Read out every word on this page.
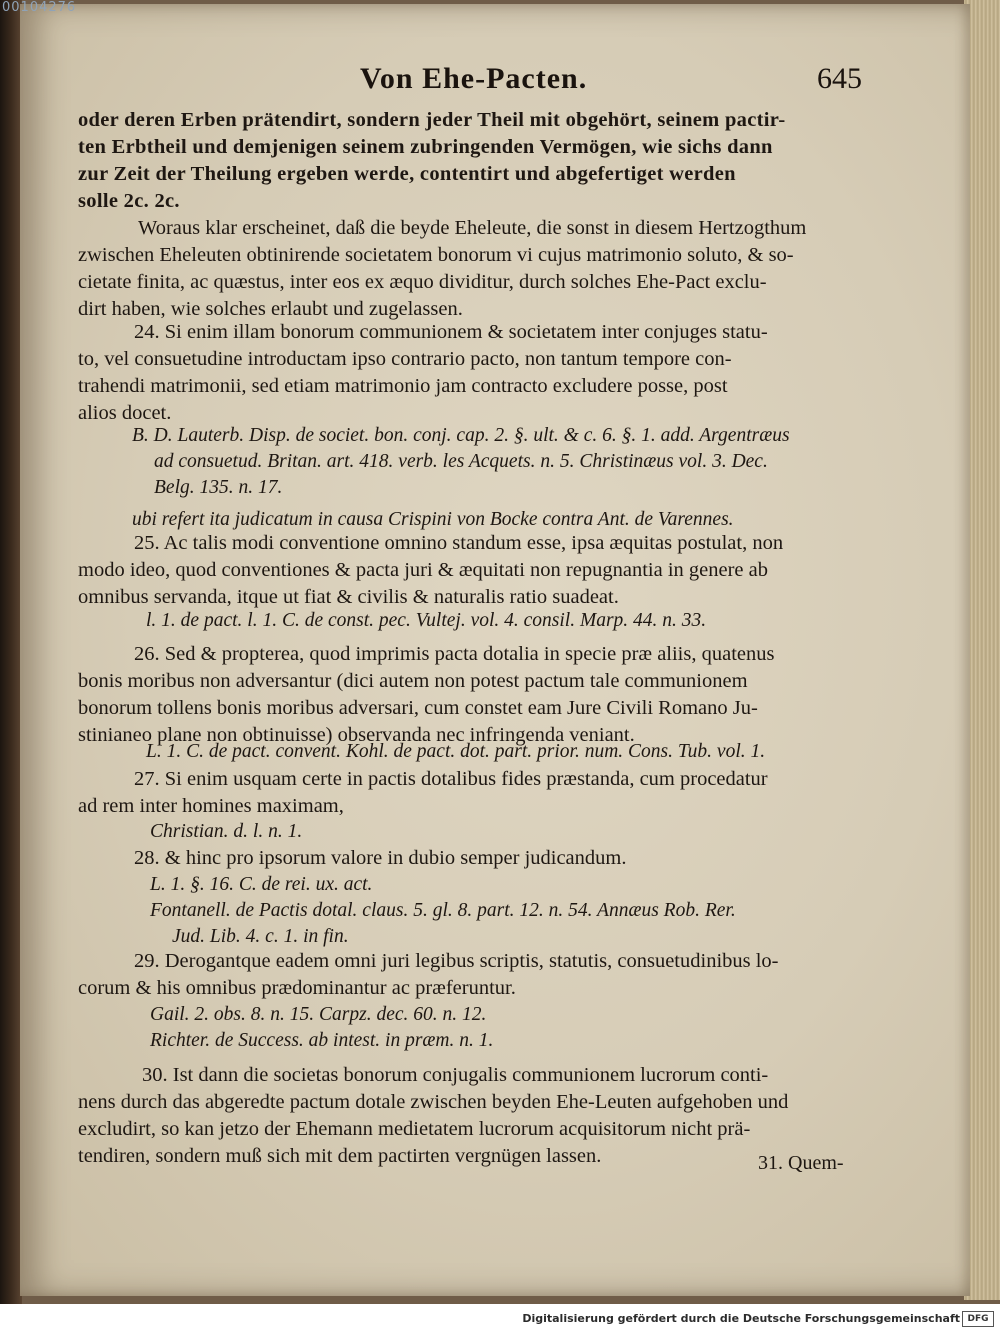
Von Ehe-Pacten.	645
oder deren Erben prätendirt, sondern jeder Theil mit obgehört, seinem pactir-
ten Erbtheil und demjenigen seinem zubringenden Vermögen, wie sichs dann
zur Zeit der Theilung ergeben werde, contentirt und abgefertiget werden
solle 2c. 2c.
Woraus klar erscheinet, daß die beyde Eheleute, die sonst in diesem Hertzogthum
zwischen Eheleuten obtinirende societatem bonorum vi cujus matrimonio soluto, & so-
cietate finita, ac quæstus, inter eos ex æquo dividitur, durch solches Ehe-Pact exclu-
dirt haben, wie solches erlaubt und zugelassen.
24. Si enim illam bonorum communionem & societatem inter conjuges statu-
to, vel consuetudine introductam ipso contrario pacto, non tantum tempore con-
trahendi matrimonii, sed etiam matrimonio jam contracto excludere posse, post
alios docet.
B. D. Lauterb. Disp. de societ. bon. conj. cap. 2. §. ult. & c. 6. §. 1. add. Argentræus
ad consuetud. Britan. art. 418. verb. les Acquets. n. 5. Christinæus vol. 3. Dec.
Belg. 135. n. 17.
ubi refert ita judicatum in causa Crispini von Bocke contra Ant. de Varennes.
25. Ac talis modi conventione omnino standum esse, ipsa æquitas postulat, non
modo ideo, quod conventiones & pacta juri & æquitati non repugnantia in genere ab
omnibus servanda, itque ut fiat & civilis & naturalis ratio suadeat.
l. 1. de pact. l. 1. C. de const. pec. Vultej. vol. 4. consil. Marp. 44. n. 33.
26. Sed & propterea, quod imprimis pacta dotalia in specie præ aliis, quatenus
bonis moribus non adversantur (dici autem non potest pactum tale communionem
bonorum tollens bonis moribus adversari, cum constet eam Jure Civili Romano Ju-
stinianeo plane non obtinuisse) observanda nec infringenda veniant.
L. 1. C. de pact. convent. Kohl. de pact. dot. part. prior. num. Cons. Tub. vol. 1.
27. Si enim usquam certe in pactis dotalibus fides præstanda, cum procedatur
ad rem inter homines maximam,
Christian. d. l. n. 1.
28. & hinc pro ipsorum valore in dubio semper judicandum.
L. 1. §. 16. C. de rei. ux. act.
Fontanell. de Pactis dotal. claus. 5. gl. 8. part. 12. n. 54. Annæus Rob. Rer.
Jud. Lib. 4. c. 1. in fin.
29. Derogantque eadem omni juri legibus scriptis, statutis, consuetudinibus lo-
corum & his omnibus prædominantur ac præferuntur.
Gail. 2. obs. 8. n. 15. Carpz. dec. 60. n. 12.
Richter. de Success. ab intest. in præm. n. 1.
30. Ist dann die societas bonorum conjugalis communionem lucrorum conti-
nens durch das abgeredte pactum dotale zwischen beyden Ehe-Leuten aufgehoben und
excludirt, so kan jetzo der Ehemann medietatem lucrorum acquisitorum nicht prä-
tendiren, sondern muß sich mit dem pactirten vergnügen lassen.	31. Quem-
00104276
Digitalisierung gefördert durch die Deutsche Forschungsgemeinschaft DFG
